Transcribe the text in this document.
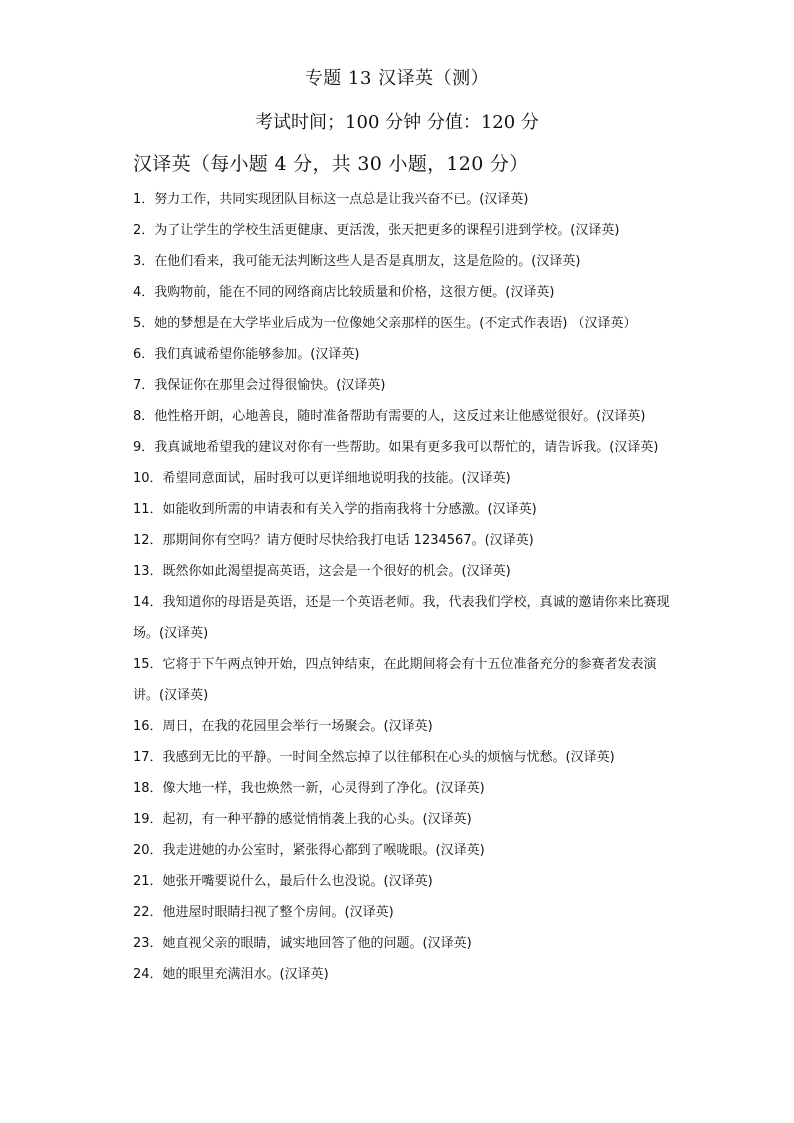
专题 13 汉译英（测）
考试时间；100 分钟 分值：120 分
汉译英（每小题 4 分，共 30 小题，120 分）
1．努力工作，共同实现团队目标这一点总是让我兴奋不已。(汉译英)
2．为了让学生的学校生活更健康、更活泼，张天把更多的课程引进到学校。(汉译英)
3．在他们看来，我可能无法判断这些人是否是真朋友，这是危险的。(汉译英)
4．我购物前，能在不同的网络商店比较质量和价格，这很方便。(汉译英)
5．她的梦想是在大学毕业后成为一位像她父亲那样的医生。(不定式作表语) （汉译英）
6．我们真诚希望你能够参加。(汉译英)
7．我保证你在那里会过得很愉快。(汉译英)
8．他性格开朗，心地善良，随时准备帮助有需要的人，这反过来让他感觉很好。(汉译英)
9．我真诚地希望我的建议对你有一些帮助。如果有更多我可以帮忙的，请告诉我。(汉译英)
10．希望同意面试，届时我可以更详细地说明我的技能。(汉译英)
11．如能收到所需的申请表和有关入学的指南我将十分感激。(汉译英)
12．那期间你有空吗？请方便时尽快给我打电话 1234567。(汉译英)
13．既然你如此渴望提高英语，这会是一个很好的机会。(汉译英)
14．我知道你的母语是英语，还是一个英语老师。我，代表我们学校，真诚的邀请你来比赛现场。(汉译英)
15．它将于下午两点钟开始，四点钟结束，在此期间将会有十五位准备充分的参赛者发表演讲。(汉译英)
16．周日，在我的花园里会举行一场聚会。(汉译英)
17．我感到无比的平静。一时间全然忘掉了以往郁积在心头的烦恼与忧愁。(汉译英)
18．像大地一样，我也焕然一新，心灵得到了净化。(汉译英)
19．起初，有一种平静的感觉悄悄袭上我的心头。(汉译英)
20．我走进她的办公室时，紧张得心都到了喉咙眼。(汉译英)
21．她张开嘴要说什么，最后什么也没说。(汉译英)
22．他进屋时眼睛扫视了整个房间。(汉译英)
23．她直视父亲的眼睛，诚实地回答了他的问题。(汉译英)
24．她的眼里充满泪水。(汉译英)
